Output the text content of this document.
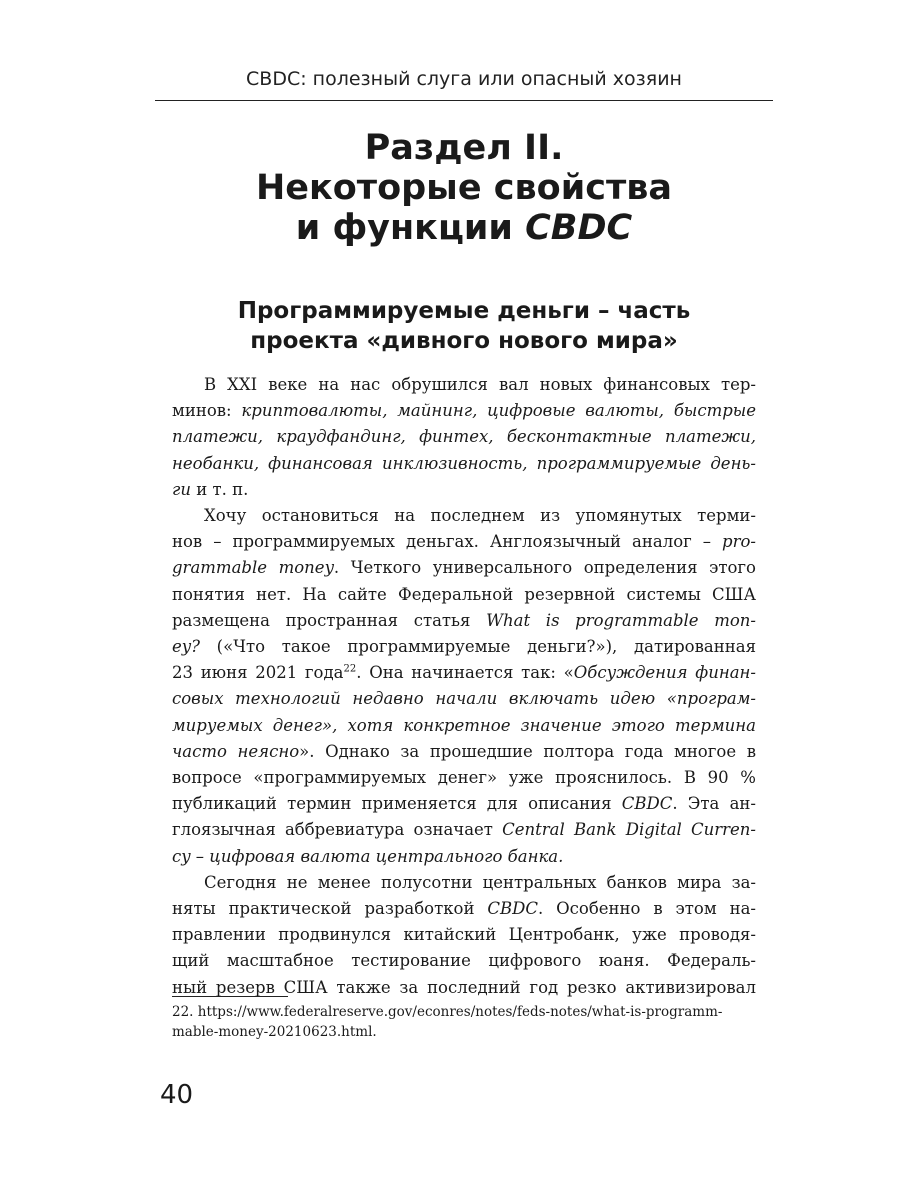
CBDC: полезный слуга или опасный хозяин
Раздел II.
Некоторые свойства
и функции CBDC
Программируемые деньги – часть
проекта «дивного нового мира»
В XXI веке на нас обрушился вал новых финансовых тер-
минов: криптовалюты, майнинг, цифровые валюты, быстрые
платежи, краудфандинг, финтех, бесконтактные платежи,
необанки, финансовая инклюзивность, программируемые день-
ги и т. п.
Хочу остановиться на последнем из упомянутых терми-
нов – программируемых деньгах. Англоязычный аналог – pro-
grammable money. Четкого универсального определения этого
понятия нет. На сайте Федеральной резервной системы США
размещена пространная статья What is programmable mon-
ey? («Что такое программируемые деньги?»), датированная
23 июня 2021 года$^{22}$. Она начинается так: «Обсуждения финан-
совых технологий недавно начали включать идею «програм-
мируемых денег», хотя конкретное значение этого термина
часто неясно». Однако за прошедшие полтора года многое в
вопросе «программируемых денег» уже прояснилось. В 90 %
публикаций термин применяется для описания CBDC. Эта ан-
глоязычная аббревиатура означает Central Bank Digital Curren-
cy – цифровая валюта центрального банка.
Сегодня не менее полусотни центральных банков мира за-
няты практической разработкой CBDC. Особенно в этом на-
правлении продвинулся китайский Центробанк, уже проводя-
щий масштабное тестирование цифрового юаня. Федераль-
ный резерв США также за последний год резко активизировал
22. https://www.federalreserve.gov/econres/notes/feds-notes/what-is-programm-
mable-money-20210623.html.
40
